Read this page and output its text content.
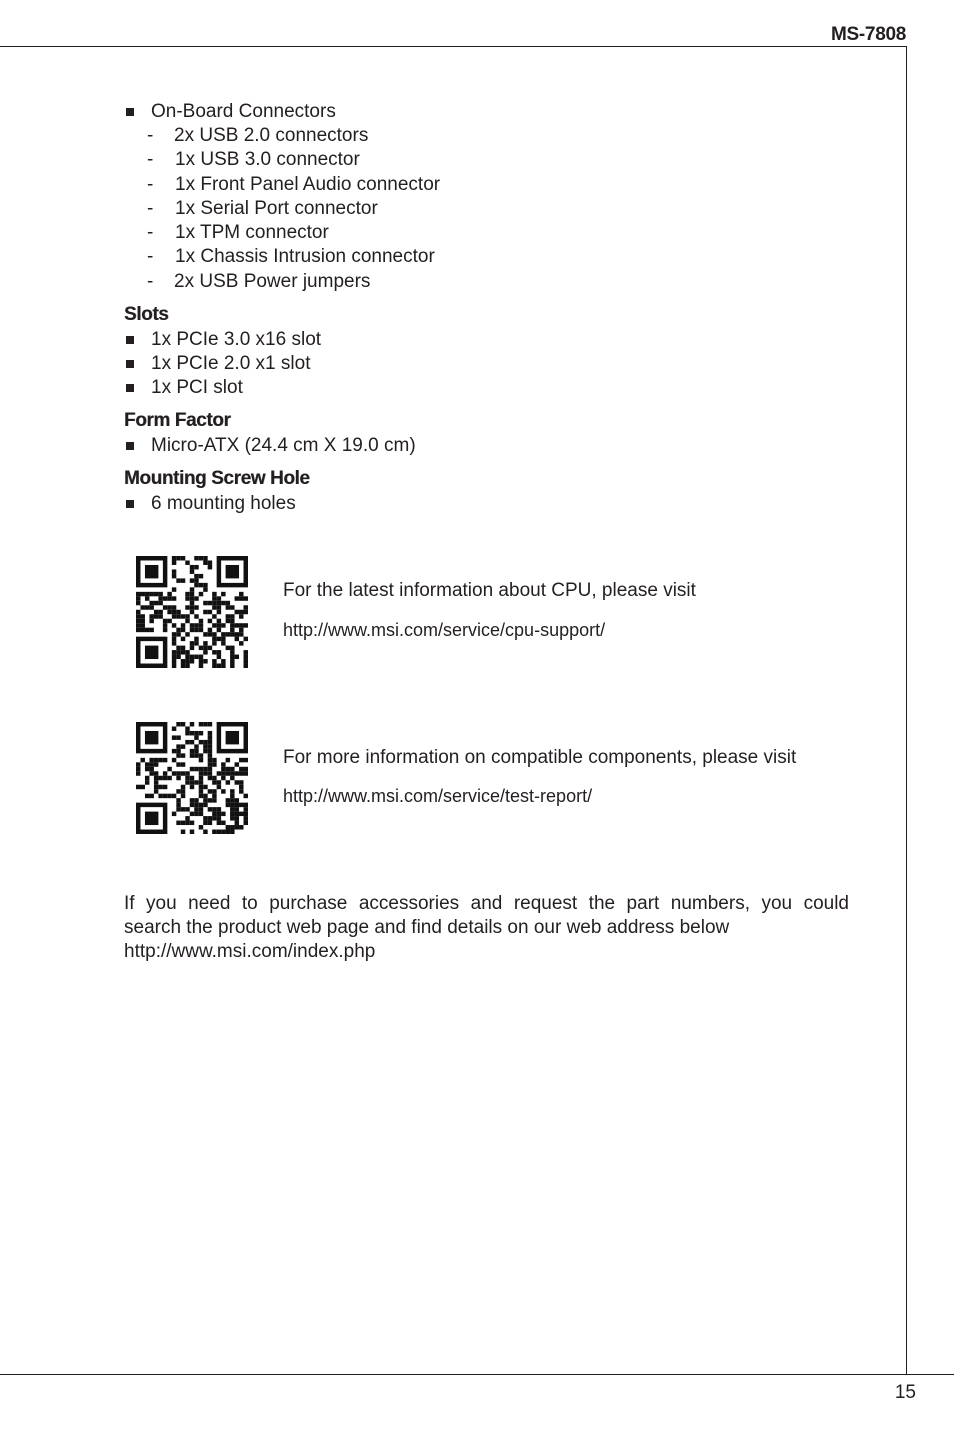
MS-7808
On-Board Connectors
- 2x USB 2.0 connectors
- 1x USB 3.0 connector
- 1x Front Panel Audio connector
- 1x Serial Port connector
- 1x TPM connector
- 1x Chassis Intrusion connector
- 2x USB Power jumpers
Slots
1x PCIe 3.0 x16 slot
1x PCIe 2.0 x1 slot
1x PCI slot
Form Factor
Micro-ATX (24.4 cm X 19.0 cm)
Mounting Screw Hole
6 mounting holes
For the latest information about CPU, please visit
http://www.msi.com/service/cpu-support/
For more information on compatible components, please visit
http://www.msi.com/service/test-report/
If you need to purchase accessories and request the part numbers, you could
search the product web page and find details on our web address below
http://www.msi.com/index.php
15
